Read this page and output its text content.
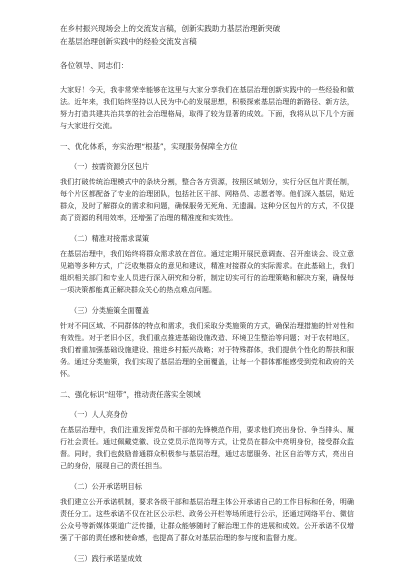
在乡村振兴现场会上的交流发言稿，创新实践助力基层治理新突破
在基层治理创新实践中的经验交流发言稿
各位领导、同志们：

大家好！今天，我非常荣幸能够在这里与大家分享我们在基层治理创新实践中的一些经验和做法。近年来，我们始终坚持以人民为中心的发展思想，积极探索基层治理的新路径、新方法，努力打造共建共治共享的社会治理格局，取得了较为显著的成效。下面，我将从以下几个方面与大家进行交流。

一、优化体系，夯实治理“根基”，实现服务保障全方位
（一）按需资源分区包片

我们打破传统治理模式中的条块分割，整合各方资源，按照区域划分，实行分区包片责任制，每个片区都配备了专业的治理团队，包括社区干部、网格员、志愿者等。他们深入基层，贴近群众，及时了解群众的需求和问题，确保服务无死角、无遗漏。这种分区包片的方式，不仅提高了资源的利用效率，还增强了治理的精准度和实效性。

（二）精准对接需求谋策

在基层治理中，我们始终将群众需求放在首位。通过定期开展民意调查、召开座谈会、设立意见箱等多种方式，广泛收集群众的意见和建议，精准对接群众的实际需求。在此基础上，我们组织相关部门和专业人员进行深入研究和分析，制定切实可行的治理策略和解决方案，确保每一项决策都能真正解决群众关心的热点难点问题。

（三）分类施策全面覆盖

针对不同区域、不同群体的特点和需求，我们采取分类施策的方式，确保治理措施的针对性和有效性。对于老旧小区，我们重点推进基础设施改造、环境卫生整治等问题；对于农村地区，我们着重加强基础设施建设、推进乡村振兴战略；对于特殊群体，我们提供个性化的帮扶和服务。通过分类施策，我们实现了基层治理的全面覆盖，让每一个群体都能感受到党和政府的关怀。

二、强化标识“纽带”，推动责任落实全领域
（一）人人亮身份

在基层治理中，我们注重发挥党员和干部的先锋模范作用，要求他们亮出身份、争当排头、履行社会责任。通过佩戴党徽、设立党员示范岗等方式，让党员在群众中亮明身份，接受群众监督。同时，我们也鼓励普通群众积极参与基层治理，通过志愿服务、社区自治等方式，亮出自己的身份，展现自己的责任担当。

（二）公开承诺明目标

我们建立公开承诺机制，要求各级干部和基层治理主体公开承诺自己的工作目标和任务，明确责任分工。这些承诺不仅在社区公示栏、政务公开栏等场所进行公示，还通过网络平台、微信公众号等新媒体渠道广泛传播，让群众能够随时了解治理工作的进展和成效。公开承诺不仅增强了干部的责任感和使命感，也提高了群众对基层治理的参与度和监督力度。

（三）践行承诺显成效
